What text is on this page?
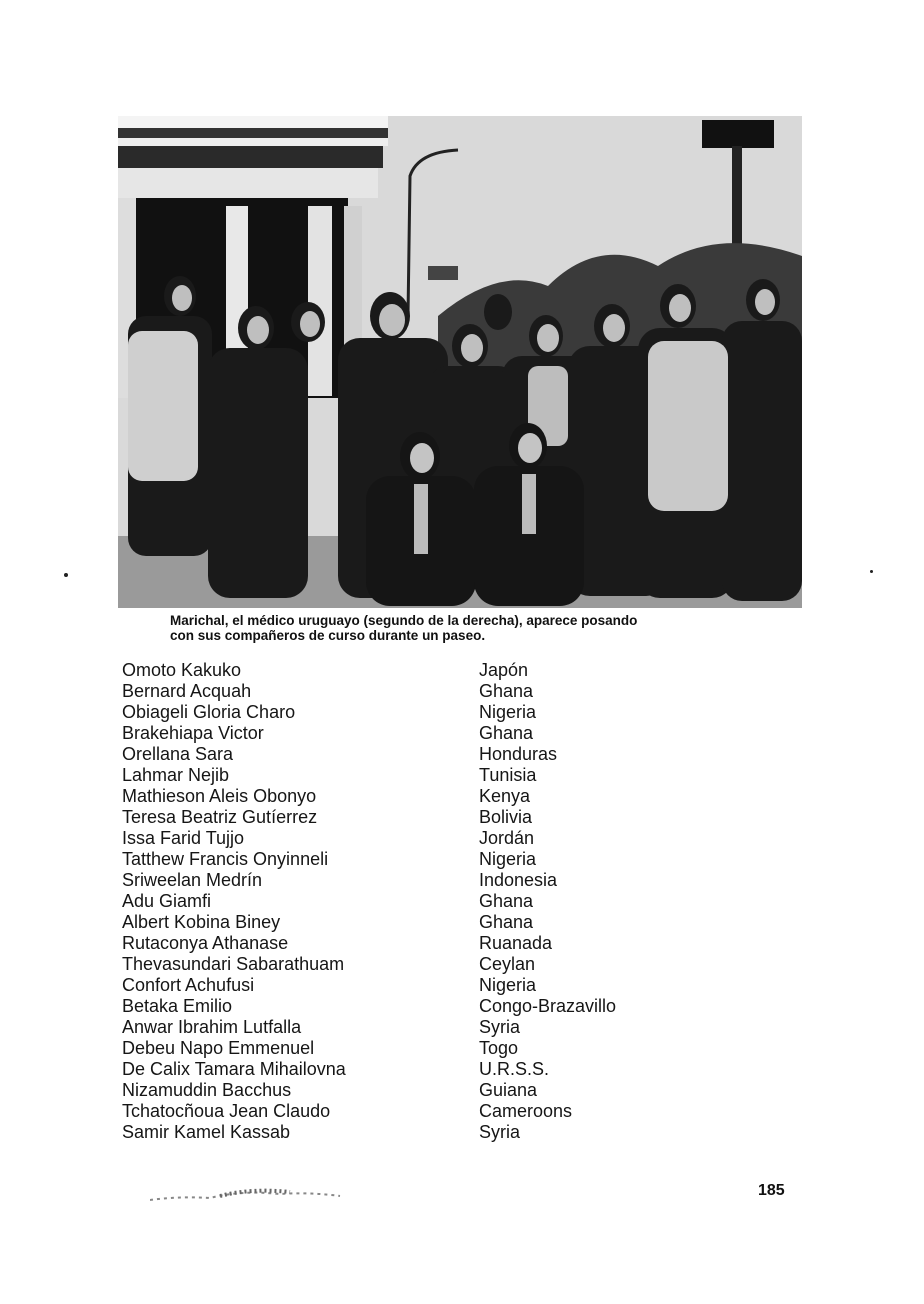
Marichal, el médico uruguayo (segundo de la derecha), aparece posando
con sus compañeros de curso durante un paseo.
Omoto Kakuko	Japón
Bernard Acquah	Ghana
Obiageli Gloria Charo	Nigeria
Brakehiapa Victor	Ghana
Orellana Sara	Honduras
Lahmar Nejib	Tunisia
Mathieson Aleis Obonyo	Kenya
Teresa Beatriz Gutíerrez	Bolivia
Issa Farid Tujjo	Jordán
Tatthew Francis Onyinneli	Nigeria
Sriweelan Medrín	Indonesia
Adu Giamfi	Ghana
Albert Kobina Biney	Ghana
Rutaconya Athanase	Ruanada
Thevasundari Sabarathuam	Ceylan
Confort Achufusi	Nigeria
Betaka Emilio	Congo-Brazavillo
Anwar Ibrahim Lutfalla	Syria
Debeu Napo Emmenuel	Togo
De Calix Tamara Mihailovna	U.R.S.S.
Nizamuddin Bacchus	Guiana
Tchatocñoua Jean Claudo	Cameroons
Samir Kamel Kassab	Syria
185
